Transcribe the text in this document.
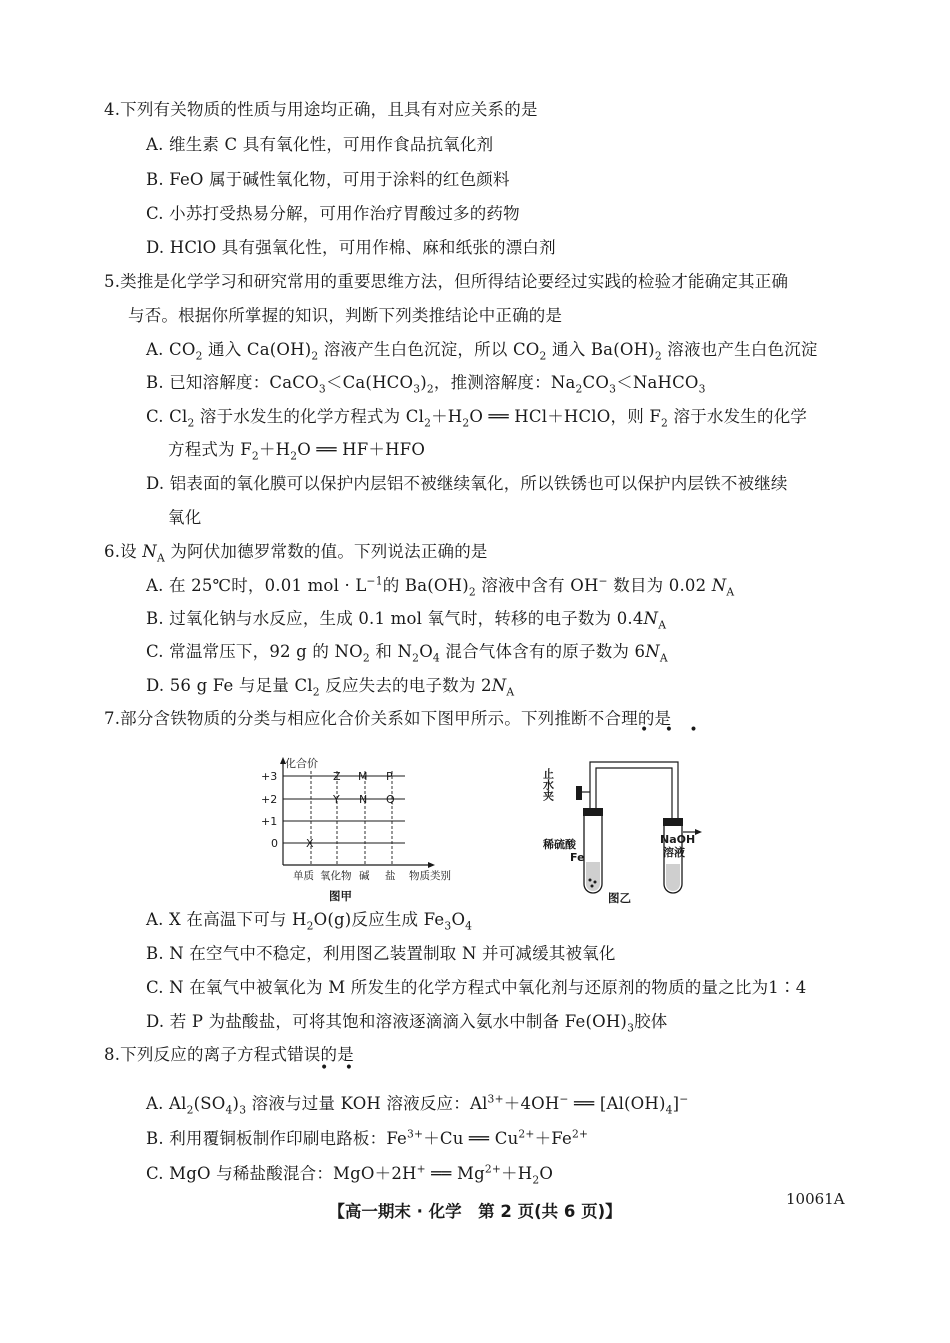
4.下列有关物质的性质与用途均正确，且具有对应关系的是
A. 维生素 C 具有氧化性，可用作食品抗氧化剂
B. FeO 属于碱性氧化物，可用于涂料的红色颜料
C. 小苏打受热易分解，可用作治疗胃酸过多的药物
D. HClO 具有强氧化性，可用作棉、麻和纸张的漂白剂
5.类推是化学学习和研究常用的重要思维方法，但所得结论要经过实践的检验才能确定其正确
与否。根据你所掌握的知识，判断下列类推结论中正确的是
A. $CO_2$ 通入 $Ca(OH)_2$ 溶液产生白色沉淀，所以 $CO_2$ 通入 $Ba(OH)_2$ 溶液也产生白色沉淀
B. 已知溶解度：$CaCO_3<Ca(HCO_3)_2$，推测溶解度：$Na_2CO_3<NaHCO_3$
C. $Cl_2$ 溶于水发生的化学方程式为 $Cl_2+H_2O$ ══ HCl＋HClO，则 $F_2$ 溶于水发生的化学
方程式为 $F_2+H_2O$ ══ HF＋HFO
D. 铝表面的氧化膜可以保护内层铝不被继续氧化，所以铁锈也可以保护内层铁不被继续
氧化
6.设 $N_A$ 为阿伏加德罗常数的值。下列说法正确的是
A. 在 25℃时，0.01 mol · $L^{-1}$的 $Ba(OH)_2$ 溶液中含有 OH− 数目为 0.02 $N_A$
B. 过氧化钠与水反应，生成 0.1 mol 氧气时，转移的电子数为 $0.4N_A$
C. 常温常压下，92 g 的 $NO_2$ 和 $N_2O_4$ 混合气体含有的原子数为 $6N_A$
D. 56 g Fe 与足量 $Cl_2$ 反应失去的电子数为 $2N_A$
7.部分含铁物质的分类与相应化合价关系如下图甲所示。下列推断不合理的是
• • •
化合价
+3
+2
+1
0
Z M P
Y N Q
X
单质 氧化物 碱 盐 物质类别
图甲
止水夹
稀硫酸
Fe
NaOH
溶液
图乙
A. X 在高温下可与 $H_2O(g)$反应生成 $Fe_3O_4$
B. N 在空气中不稳定，利用图乙装置制取 N 并可减缓其被氧化
C. N 在氧气中被氧化为 M 所发生的化学方程式中氧化剂与还原剂的物质的量之比为1∶4
D. 若 P 为盐酸盐，可将其饱和溶液逐滴滴入氨水中制备 $Fe(OH)_3$胶体
8.下列反应的离子方程式错误的是
• •
A. $Al_2(SO_4)_3$ 溶液与过量 KOH 溶液反应：$Al^{3+}+4OH^-$ ══ $[Al(OH)_4]^-$
B. 利用覆铜板制作印刷电路板：$Fe^{3+}+Cu$ ══ $Cu^{2+}+Fe^{2+}$
C. MgO 与稀盐酸混合：MgO＋2H+ ══ $Mg^{2+}+H_2O$
【高一期末 · 化学　第 2 页(共 6 页)】
10061A
